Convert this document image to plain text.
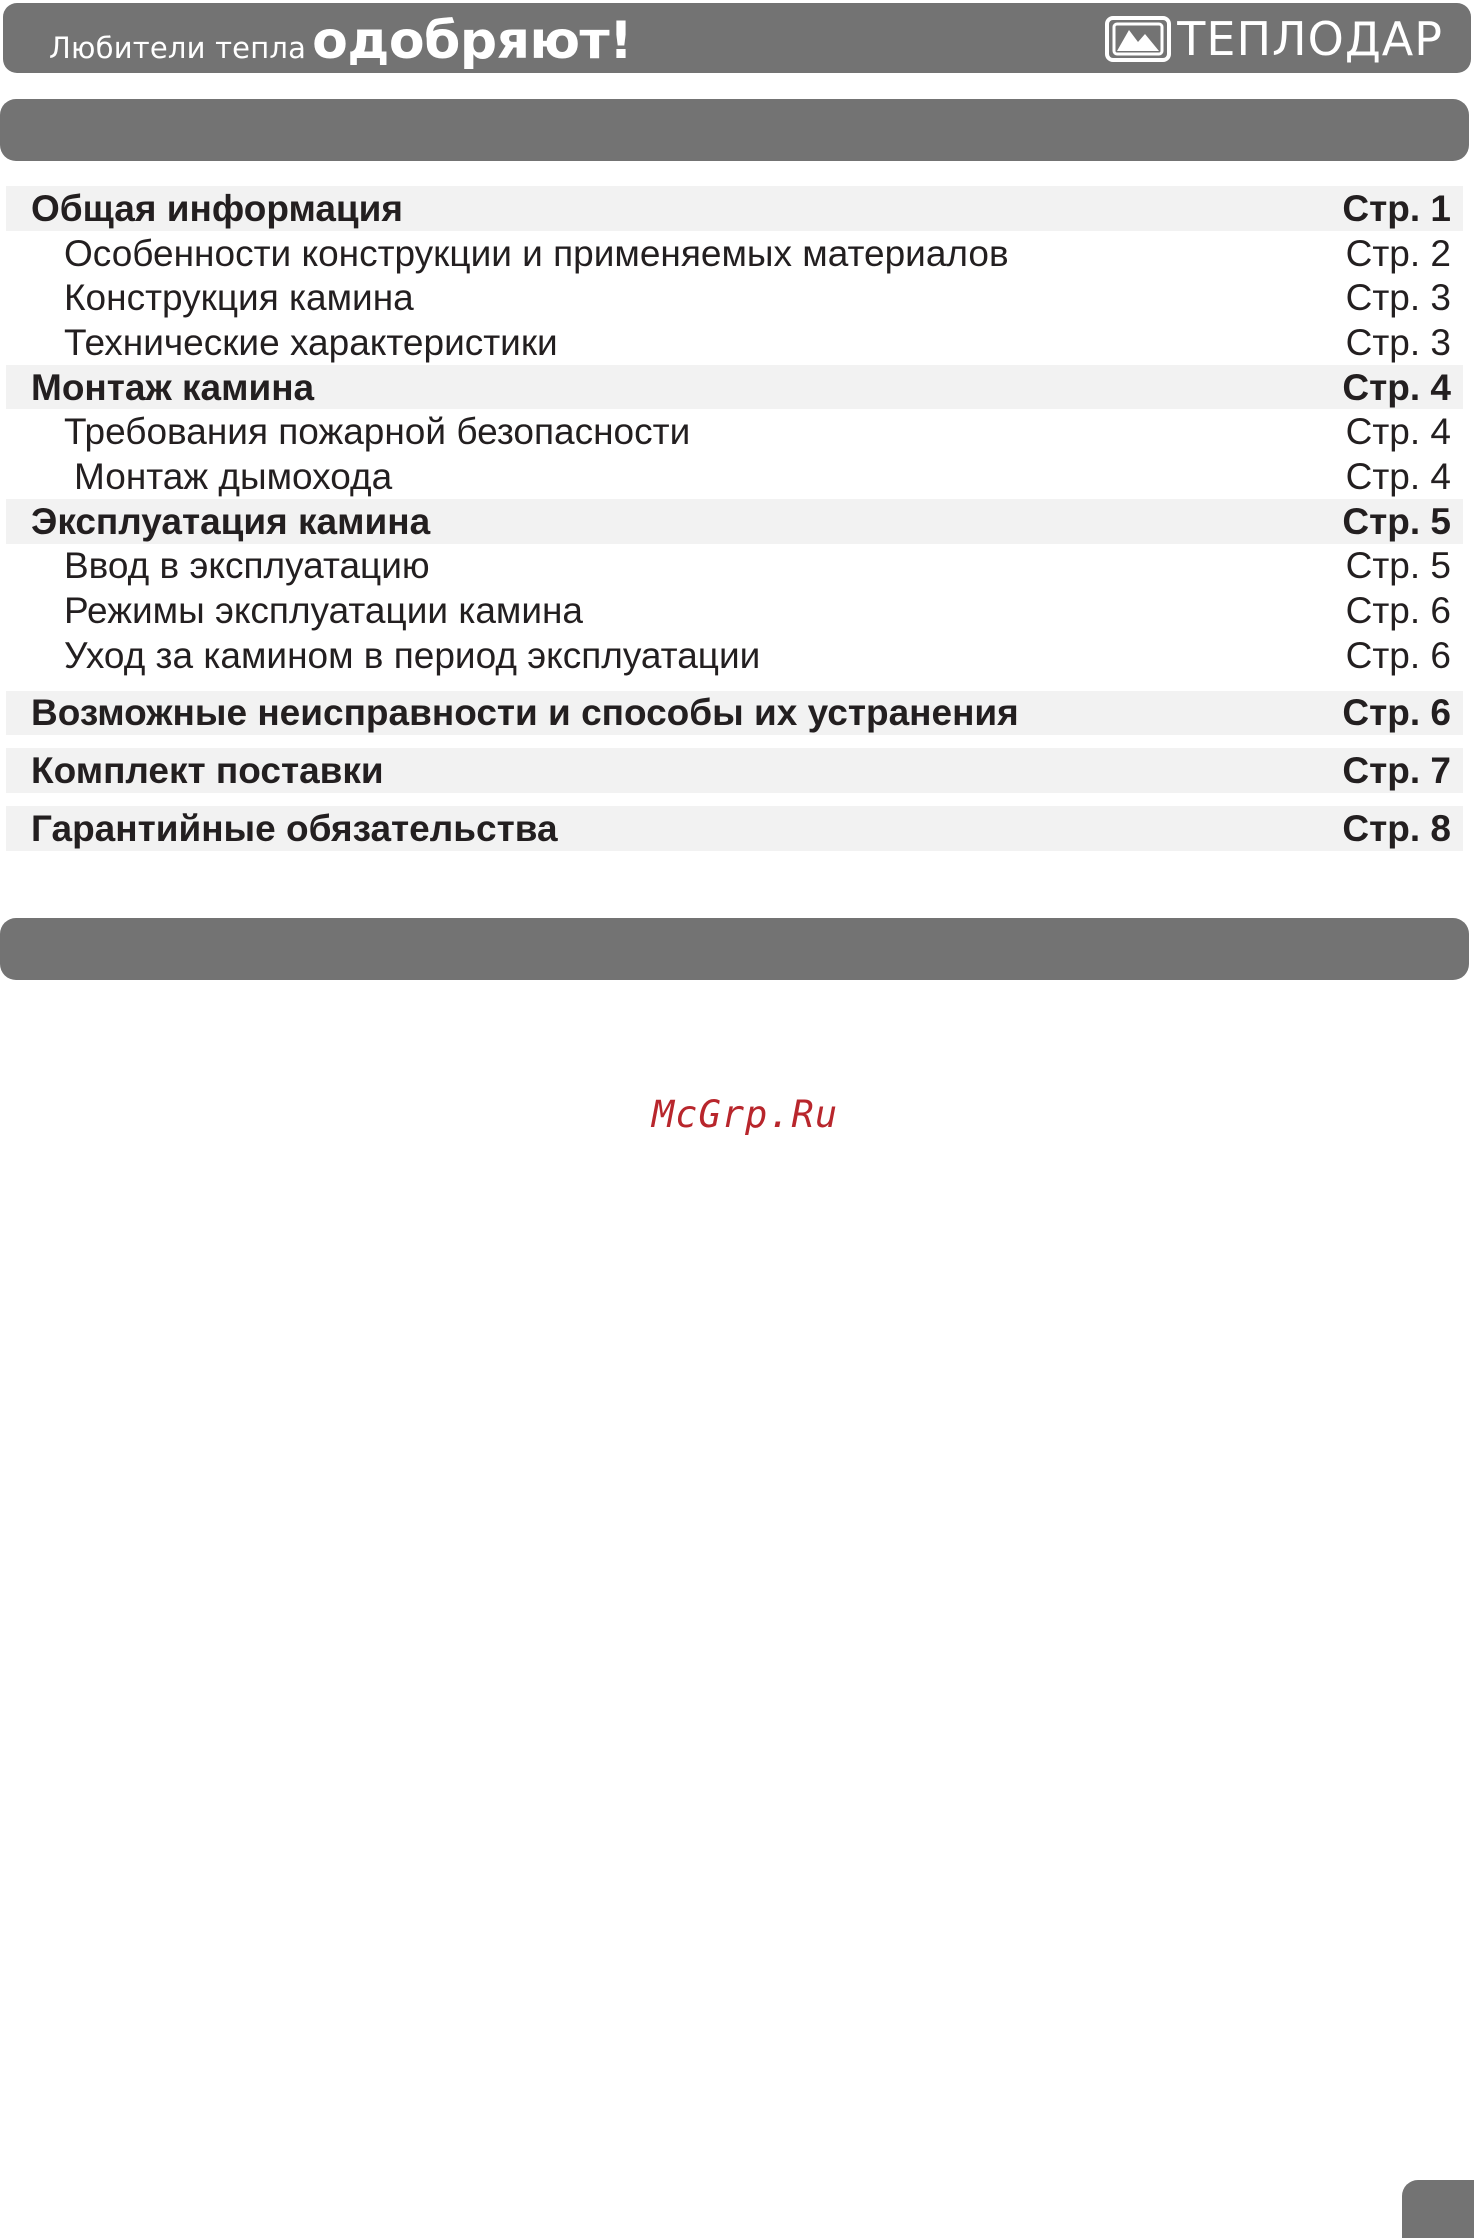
Любители тепла одобряют!	ТЕПЛОДАР
Общая информация	Стр. 1
Особенности конструкции и применяемых материалов	Стр. 2
Конструкция камина	Стр. 3
Технические характеристики	Стр. 3
Монтаж камина	Стр. 4
Требования пожарной безопасности	Стр. 4
Монтаж дымохода	Стр. 4
Эксплуатация камина	Стр. 5
Ввод в эксплуатацию	Стр. 5
Режимы эксплуатации камина	Стр. 6
Уход за камином в период эксплуатации	Стр. 6
Возможные неисправности и способы их устранения	Стр. 6
Комплект поставки	Стр. 7
Гарантийные обязательства	Стр. 8
McGrp.Ru
